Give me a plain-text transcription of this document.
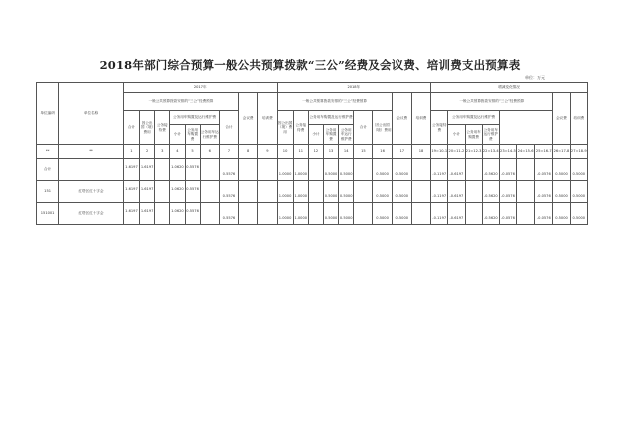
2018年部门综合预算一般公共预算拨款“三公”经费及会议费、培训费支出预算表
单位：万元
单位编码	单位名称	2017年									2018年									增减变化情况								
		一般公共预算拨款安排的“三公”经费预算							会议费	培训费	一般公共预算拨款安排的“三公”经费预算							会议费	培训费	一般公共预算拨款安排的“三公”经费预算							会议费	培训费
		合计	因公出国（境）费用	公务接待费	公务用车购置及运行维护费			合计			因公出国（境）费用	公务接待费	公务用车购置及运行维护费			合计	因公出国（境）费用			公务接待费	公务用车购置及运行维护费							
					小计	公务用车购置费	公务用车运行维护费						小计	公务用车购置费	公务用车运行维护费						小计	公务用车购置费	公务用车运行维护费					

**	**	1	2	3	4	5	6	7	8	9	10	11	12	13	14	15	16	17	18	19=10-1	20=11-2	21=12-3	22=13-4	23=14-5	24=15-6	25=16-7	26=17-8	27=18-9
合计		1.6197	1.6197		1.0620	0.5576		0.5576			1.0000	1.0000		0.5000	0.5000		0.5000	0.5000		-0.1197	-0.6197		-0.5620	-0.0576		-0.0576	0.5000	0.5000

151	红塔区红十字会	1.6197	1.6197		1.0620	0.5576		0.5576			1.0000	1.0000		0.5000	0.5000		0.5000	0.5000		-0.1197	-0.6197		-0.5620	-0.0576		-0.0576	0.5000	0.5000

151001	红塔区红十字会	1.6197	1.6197		1.0620	0.5576		0.5576			1.0000	1.0000		0.5000	0.5000		0.5000	0.5000		-0.1197	-0.6197		-0.5620	-0.0576		-0.0576	0.5000	0.5000
